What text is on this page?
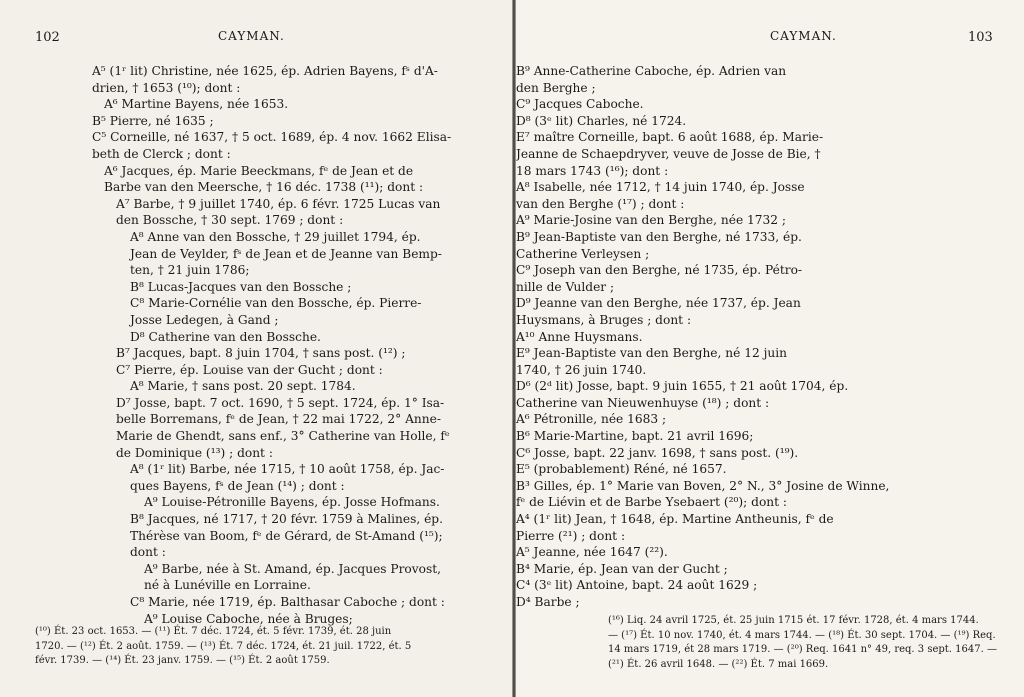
102	CAYMAN.
A⁵ (1ʳ lit) Christine, née 1625, ép. Adrien Bayens, fˢ d'A-
drien, † 1653 (¹⁰); dont :
A⁶ Martine Bayens, née 1653.
B⁵ Pierre, né 1635 ;
C⁵ Corneille, né 1637, † 5 oct. 1689, ép. 4 nov. 1662 Elisa-
beth de Clerck ; dont :
A⁶ Jacques, ép. Marie Beeckmans, fᵉ de Jean et de
Barbe van den Meersche, † 16 déc. 1738 (¹¹); dont :
A⁷ Barbe, † 9 juillet 1740, ép. 6 févr. 1725 Lucas van
den Bossche, † 30 sept. 1769 ; dont :
A⁸ Anne van den Bossche, † 29 juillet 1794, ép.
Jean de Veylder, fˢ de Jean et de Jeanne van Bemp-
ten, † 21 juin 1786;
B⁸ Lucas-Jacques van den Bossche ;
C⁸ Marie-Cornélie van den Bossche, ép. Pierre-
Josse Ledegen, à Gand ;
D⁸ Catherine van den Bossche.
B⁷ Jacques, bapt. 8 juin 1704, † sans post. (¹²) ;
C⁷ Pierre, ép. Louise van der Gucht ; dont :
A⁸ Marie, † sans post. 20 sept. 1784.
D⁷ Josse, bapt. 7 oct. 1690, † 5 sept. 1724, ép. 1° Isa-
belle Borremans, fᵉ de Jean, † 22 mai 1722, 2° Anne-
Marie de Ghendt, sans enf., 3° Catherine van Holle, fᵉ
de Dominique (¹³) ; dont :
A⁸ (1ʳ lit) Barbe, née 1715, † 10 août 1758, ép. Jac-
ques Bayens, fˢ de Jean (¹⁴) ; dont :
A⁹ Louise-Pétronille Bayens, ép. Josse Hofmans.
B⁸ Jacques, né 1717, † 20 févr. 1759 à Malines, ép.
Thérèse van Boom, fᵉ de Gérard, de St-Amand (¹⁵);
dont :
A⁹ Barbe, née à St. Amand, ép. Jacques Provost,
né à Lunéville en Lorraine.
C⁸ Marie, née 1719, ép. Balthasar Caboche ; dont :
A⁹ Louise Caboche, née à Bruges;
(¹⁰) Ét. 23 oct. 1653. — (¹¹) Ét. 7 déc. 1724, ét. 5 févr. 1739, ét. 28 juin
1720. — (¹²) Ét. 2 août. 1759. — (¹³) Ét. 7 déc. 1724, ét. 21 juil. 1722, ét. 5
févr. 1739. — (¹⁴) Ét. 23 janv. 1759. — (¹⁵) Ét. 2 août 1759.
CAYMAN.	103
B⁹ Anne-Catherine Caboche, ép. Adrien van
den Berghe ;
C⁹ Jacques Caboche.
D⁸ (3ᵉ lit) Charles, né 1724.
E⁷ maître Corneille, bapt. 6 août 1688, ép. Marie-
Jeanne de Schaepdryver, veuve de Josse de Bie, †
18 mars 1743 (¹⁶); dont :
A⁸ Isabelle, née 1712, † 14 juin 1740, ép. Josse
van den Berghe (¹⁷) ; dont :
A⁹ Marie-Josine van den Berghe, née 1732 ;
B⁹ Jean-Baptiste van den Berghe, né 1733, ép.
Catherine Verleysen ;
C⁹ Joseph van den Berghe, né 1735, ép. Pétro-
nille de Vulder ;
D⁹ Jeanne van den Berghe, née 1737, ép. Jean
Huysmans, à Bruges ; dont :
A¹⁰ Anne Huysmans.
E⁹ Jean-Baptiste van den Berghe, né 12 juin
1740, † 26 juin 1740.
D⁶ (2ᵈ lit) Josse, bapt. 9 juin 1655, † 21 août 1704, ép.
Catherine van Nieuwenhuyse (¹⁸) ; dont :
A⁶ Pétronille, née 1683 ;
B⁶ Marie-Martine, bapt. 21 avril 1696;
C⁶ Josse, bapt. 22 janv. 1698, † sans post. (¹⁹).
E⁵ (probablement) Réné, né 1657.
B³ Gilles, ép. 1° Marie van Boven, 2° N., 3° Josine de Winne,
fᵉ de Liévin et de Barbe Ysebaert (²⁰); dont :
A⁴ (1ʳ lit) Jean, † 1648, ép. Martine Antheunis, fᵉ de
Pierre (²¹) ; dont :
A⁵ Jeanne, née 1647 (²²).
B⁴ Marie, ép. Jean van der Gucht ;
C⁴ (3ᵉ lit) Antoine, bapt. 24 août 1629 ;
D⁴ Barbe ;
(¹⁶) Liq. 24 avril 1725, ét. 25 juin 1715 ét. 17 févr. 1728, ét. 4 mars 1744.
— (¹⁷) Ét. 10 nov. 1740, ét. 4 mars 1744. — (¹⁸) Ét. 30 sept. 1704. — (¹⁹) Req.
14 mars 1719, ét 28 mars 1719. — (²⁰) Req. 1641 n° 49, req. 3 sept. 1647. —
(²¹) Ét. 26 avril 1648. — (²²) Ét. 7 mai 1669.
